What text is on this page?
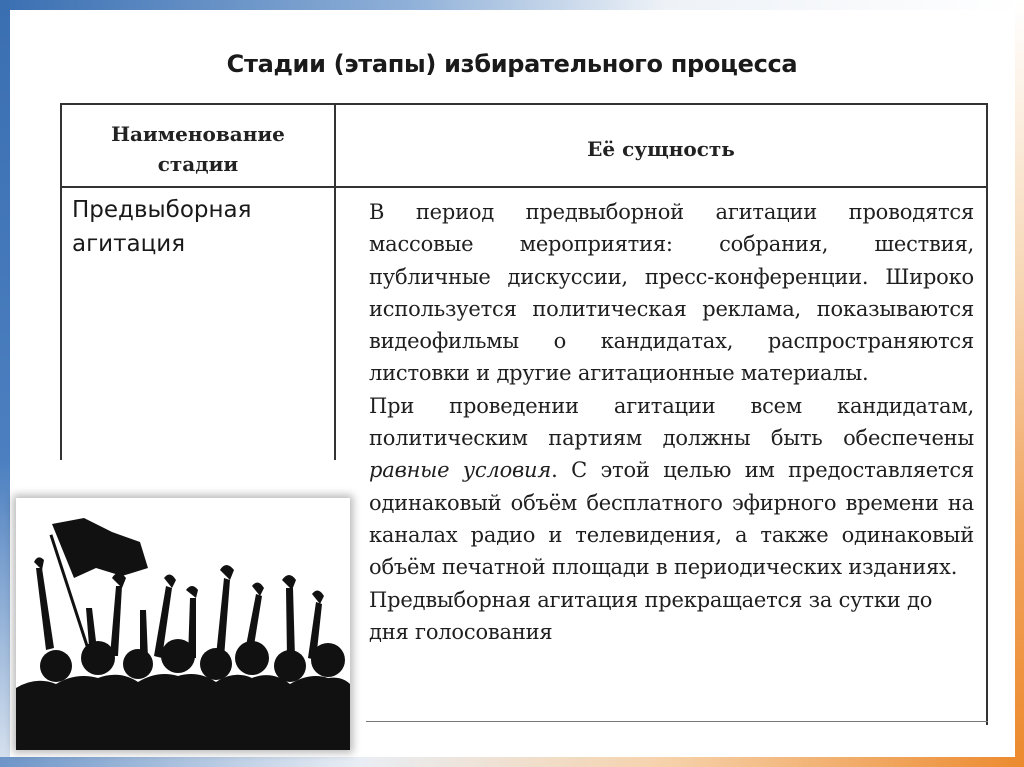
Стадии (этапы) избирательного процесса
Наименование
стадии
Её сущность
Предвыборная
агитация

В период предвыборной агитации проводятся массовые мероприятия: собрания, шествия, публичные дискуссии, пресс-конференции. Широко используется политическая реклама, показываются видеофильмы о кандидатах, распространяются листовки и другие агитационные материалы.

При проведении агитации всем кандидатам, политическим партиям должны быть обеспечены равные условия. С этой целью им предоставляется одинаковый объём бесплатного эфирного времени на каналах радио и телевидения, а также одинаковый объём печатной площади в периодических изданиях.

Предвыборная агитация прекращается за сутки до дня голосования
